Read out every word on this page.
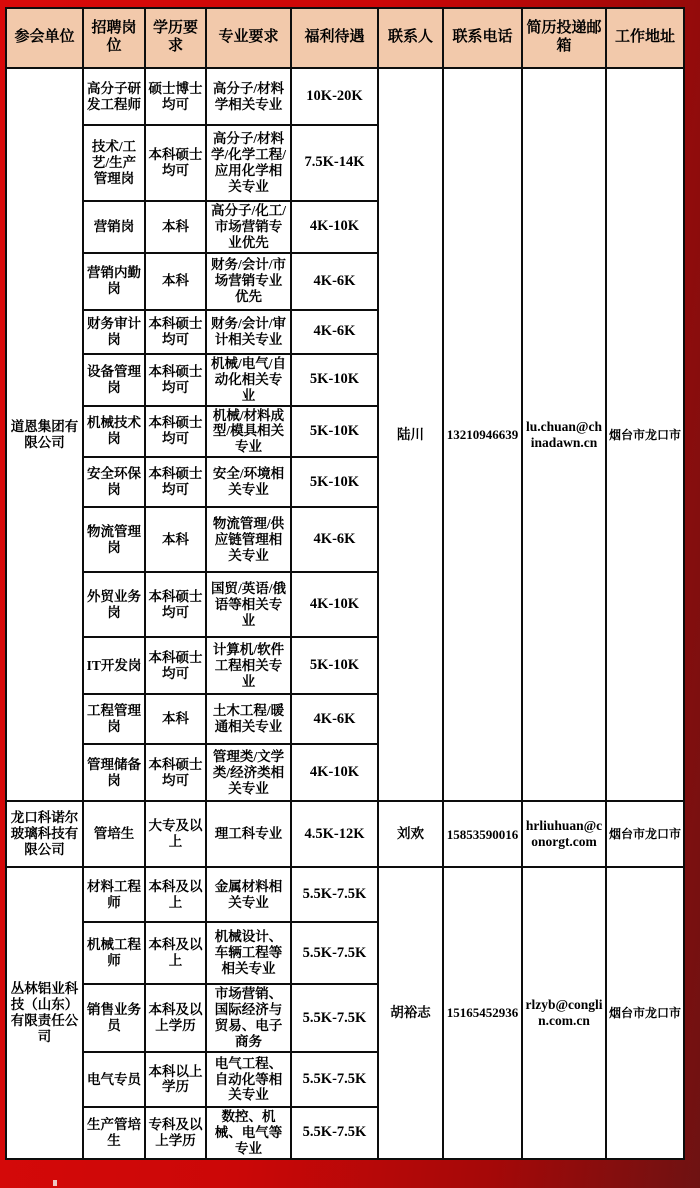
参会单位	招聘岗位	学历要求	专业要求	福利待遇	联系人	联系电话	简历投递邮箱	工作地址
道恩集团有限公司	高分子研发工程师	硕士博士均可	高分子/材料学相关专业	10K-20K	陆川	13210946639	lu.chuan@chinadawn.cn	烟台市龙口市
	技术/工艺/生产管理岗	本科硕士均可	高分子/材料学/化学工程/应用化学相关专业	7.5K-14K				
	营销岗	本科	高分子/化工/市场营销专业优先	4K-10K				
	营销内勤岗	本科	财务/会计/市场营销专业优先	4K-6K				
	财务审计岗	本科硕士均可	财务/会计/审计相关专业	4K-6K				
	设备管理岗	本科硕士均可	机械/电气/自动化相关专业	5K-10K				
	机械技术岗	本科硕士均可	机械/材料成型/模具相关专业	5K-10K				
	安全环保岗	本科硕士均可	安全/环境相关专业	5K-10K				
	物流管理岗	本科	物流管理/供应链管理相关专业	4K-6K				
	外贸业务岗	本科硕士均可	国贸/英语/俄语等相关专业	4K-10K				
	IT开发岗	本科硕士均可	计算机/软件工程相关专业	5K-10K				
	工程管理岗	本科	土木工程/暖通相关专业	4K-6K				
	管理储备岗	本科硕士均可	管理类/文学类/经济类相关专业	4K-10K				
龙口科诺尔玻璃科技有限公司	管培生	大专及以上	理工科专业	4.5K-12K	刘欢	15853590016	hrliuhuan@conorgt.com	烟台市龙口市
丛林铝业科技（山东）有限责任公司	材料工程师	本科及以上	金属材料相关专业	5.5K-7.5K	胡裕志	15165452936	rlzyb@conglin.com.cn	烟台市龙口市
	机械工程师	本科及以上	机械设计、车辆工程等相关专业	5.5K-7.5K				
	销售业务员	本科及以上学历	市场营销、国际经济与贸易、电子商务	5.5K-7.5K				
	电气专员	本科以上学历	电气工程、自动化等相关专业	5.5K-7.5K				
	生产管培生	专科及以上学历	数控、机械、电气等专业	5.5K-7.5K				
